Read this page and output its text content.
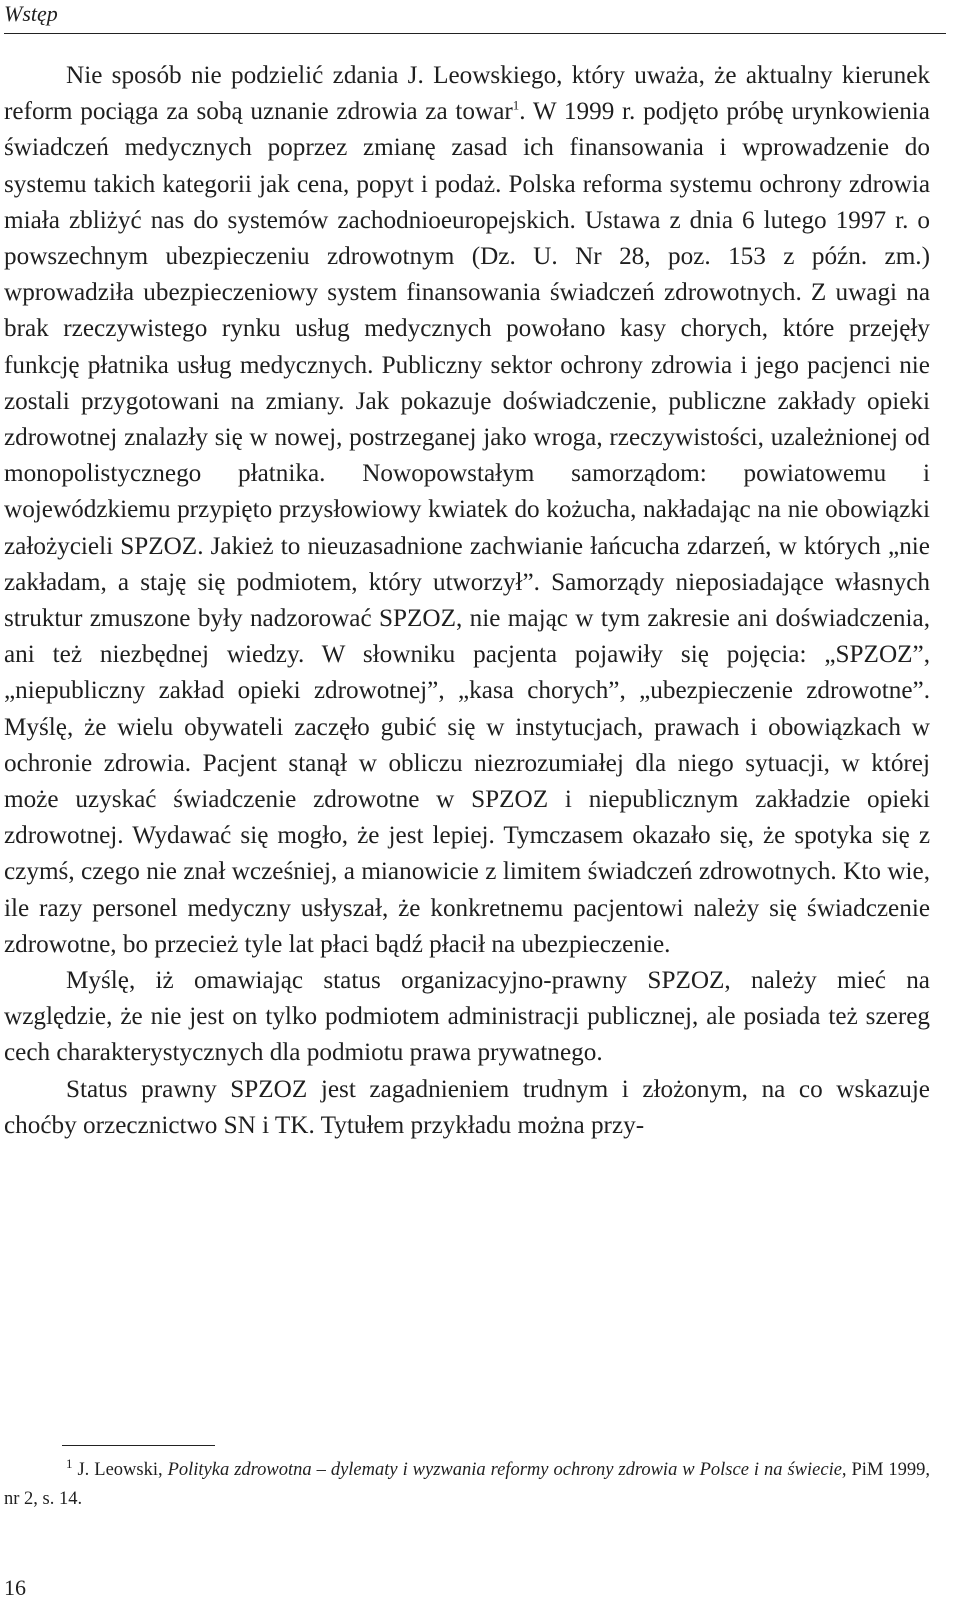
Wstęp

Nie sposób nie podzielić zdania J. Leowskiego, który uważa, że aktualny kierunek reform pociąga za sobą uznanie zdrowia za towar$^1$. W 1999 r. podjęto próbę urynkowienia świadczeń medycznych poprzez zmianę zasad ich finansowania i wprowadzenie do systemu takich kategorii jak cena, popyt i podaż. Polska reforma systemu ochrony zdrowia miała zbliżyć nas do systemów zachodnioeuropejskich. Ustawa z dnia 6 lutego 1997 r. o powszechnym ubezpieczeniu zdrowotnym (Dz. U. Nr 28, poz. 153 z późn. zm.) wprowadziła ubezpieczeniowy system finansowania świadczeń zdrowotnych. Z uwagi na brak rzeczywistego rynku usług medycznych powołano kasy chorych, które przejęły funkcję płatnika usług medycznych. Publiczny sektor ochrony zdrowia i jego pacjenci nie zostali przygotowani na zmiany. Jak pokazuje doświadczenie, publiczne zakłady opieki zdrowotnej znalazły się w nowej, postrzeganej jako wroga, rzeczywistości, uzależnionej od monopolistycznego płatnika. Nowopowstałym samorządom: powiatowemu i wojewódzkiemu przypięto przysłowiowy kwiatek do kożucha, nakładając na nie obowiązki założycieli SPZOZ. Jakież to nieuzasadnione zachwianie łańcucha zdarzeń, w których „nie zakładam, a staję się podmiotem, który utworzył”. Samorządy nieposiadające własnych struktur zmuszone były nadzorować SPZOZ, nie mając w tym zakresie ani doświadczenia, ani też niezbędnej wiedzy. W słowniku pacjenta pojawiły się pojęcia: „SPZOZ”, „niepubliczny zakład opieki zdrowotnej”, „kasa chorych”, „ubezpieczenie zdrowotne”. Myślę, że wielu obywateli zaczęło gubić się w instytucjach, prawach i obowiązkach w ochronie zdrowia. Pacjent stanął w obliczu niezrozumiałej dla niego sytuacji, w której może uzyskać świadczenie zdrowotne w SPZOZ i niepublicznym zakładzie opieki zdrowotnej. Wydawać się mogło, że jest lepiej. Tymczasem okazało się, że spotyka się z czymś, czego nie znał wcześniej, a mianowicie z limitem świadczeń zdrowotnych. Kto wie, ile razy personel medyczny usłyszał, że konkretnemu pacjentowi należy się świadczenie zdrowotne, bo przecież tyle lat płaci bądź płacił na ubezpieczenie.

Myślę, iż omawiając status organizacyjno-prawny SPZOZ, należy mieć na względzie, że nie jest on tylko podmiotem administracji publicznej, ale posiada też szereg cech charakterystycznych dla podmiotu prawa prywatnego.

Status prawny SPZOZ jest zagadnieniem trudnym i złożonym, na co wskazuje choćby orzecznictwo SN i TK. Tytułem przykładu można przy-

$^1$ J. Leowski, Polityka zdrowotna – dylematy i wyzwania reformy ochrony zdrowia w Polsce i na świecie, PiM 1999, nr 2, s. 14.
16
